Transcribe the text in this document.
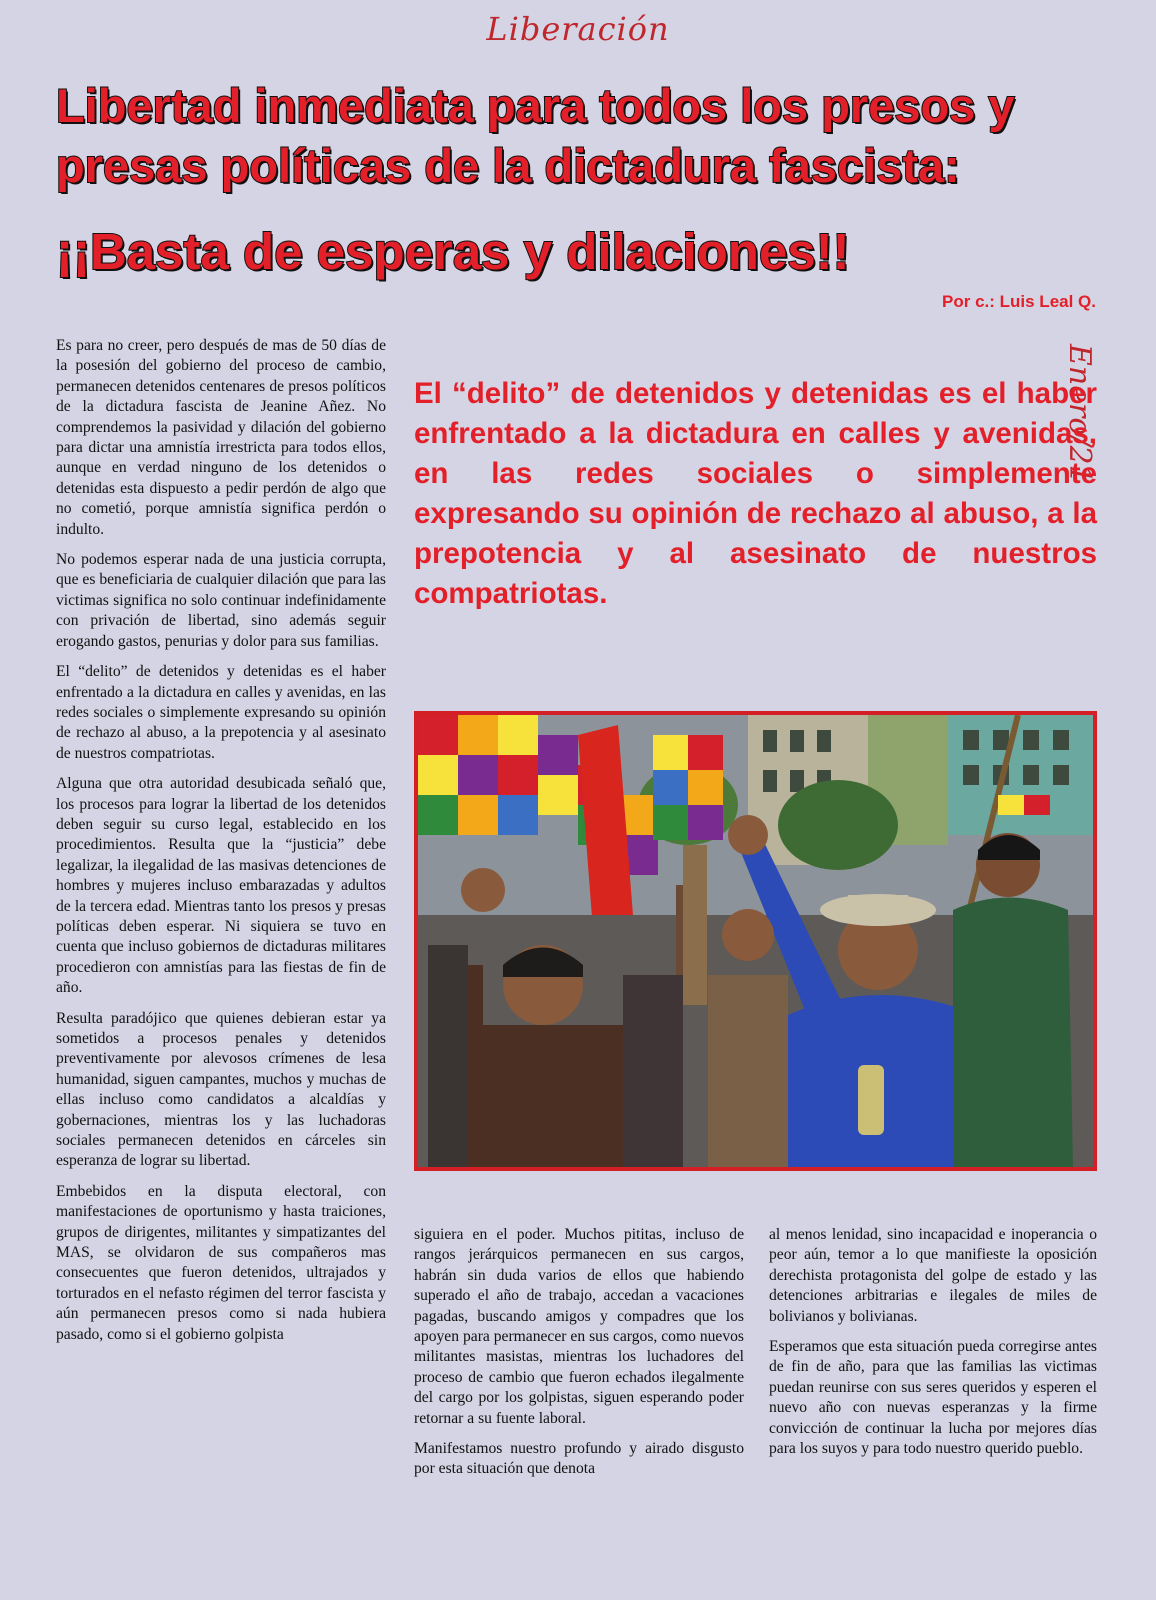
Liberación
Libertad inmediata para todos los presos y presas políticas de la dictadura fascista:
¡¡Basta de esperas y dilaciones!!
Por c.: Luis Leal Q.
Enero/21
El “delito” de detenidos y detenidas es el haber enfrentado a la dictadura en calles y avenidas, en las redes sociales o simplemente expresando su opinión de rechazo al abuso, a la prepotencia y al asesinato de nuestros compatriotas.

Es para no creer, pero después de mas de 50 días de la posesión del gobierno del proceso de cambio, permanecen detenidos centenares de presos políticos de la dictadura fascista de Jeanine Añez. No comprendemos la pasividad y dilación del gobierno para dictar una amnistía irrestricta para todos ellos, aunque en verdad ninguno de los detenidos o detenidas esta dispuesto a pedir perdón de algo que no cometió, porque amnistía significa perdón o indulto.

No podemos esperar nada de una justicia corrupta, que es beneficiaria de cualquier dilación que para las victimas significa no solo continuar indefinidamente con privación de libertad, sino además seguir erogando gastos, penurias y dolor para sus familias.

El “delito” de detenidos y detenidas es el haber enfrentado a la dictadura en calles y avenidas, en las redes sociales o simplemente expresando su opinión de rechazo al abuso, a la prepotencia y al asesinato de nuestros compatriotas.

Alguna que otra autoridad desubicada señaló que, los procesos para lograr la libertad de los detenidos deben seguir su curso legal, establecido en los procedimientos. Resulta que la “justicia” debe legalizar, la ilegalidad de las masivas detenciones de hombres y mujeres incluso embarazadas y adultos de la tercera edad. Mientras tanto los presos y presas políticas deben esperar. Ni siquiera se tuvo en cuenta que incluso gobiernos de dictaduras militares procedieron con amnistías para las fiestas de fin de año.

Resulta paradójico que quienes debieran estar ya sometidos a procesos penales y detenidos preventivamente por alevosos crímenes de lesa humanidad, siguen campantes, muchos y muchas de ellas incluso como candidatos a alcaldías y gobernaciones, mientras los y las luchadoras sociales permanecen detenidos en cárceles sin esperanza de lograr su libertad.

Embebidos en la disputa electoral, con manifestaciones de oportunismo y hasta traiciones, grupos de dirigentes, militantes y simpatizantes del MAS, se olvidaron de sus compañeros mas consecuentes que fueron detenidos, ultrajados y torturados en el nefasto régimen del terror fascista y aún permanecen presos como si nada hubiera pasado, como si el gobierno golpista

siguiera en el poder. Muchos pititas, incluso de rangos jerárquicos permanecen en sus cargos, habrán sin duda varios de ellos que habiendo superado el año de trabajo, accedan a vacaciones pagadas, buscando amigos y compadres que los apoyen para permanecer en sus cargos, como nuevos militantes masistas, mientras los luchadores del proceso de cambio que fueron echados ilegalmente del cargo por los golpistas, siguen esperando poder retornar a su fuente laboral.

Manifestamos nuestro profundo y airado disgusto por esta situación que denota

al menos lenidad, sino incapacidad e inoperancia o peor aún, temor a lo que manifieste la oposición derechista protagonista del golpe de estado y las detenciones arbitrarias e ilegales de miles de bolivianos y bolivianas.

Esperamos que esta situación pueda corregirse antes de fin de año, para que las familias las victimas puedan reunirse con sus seres queridos y esperen el nuevo año con nuevas esperanzas y la firme convicción de continuar la lucha por mejores días para los suyos y para todo nuestro querido pueblo.
